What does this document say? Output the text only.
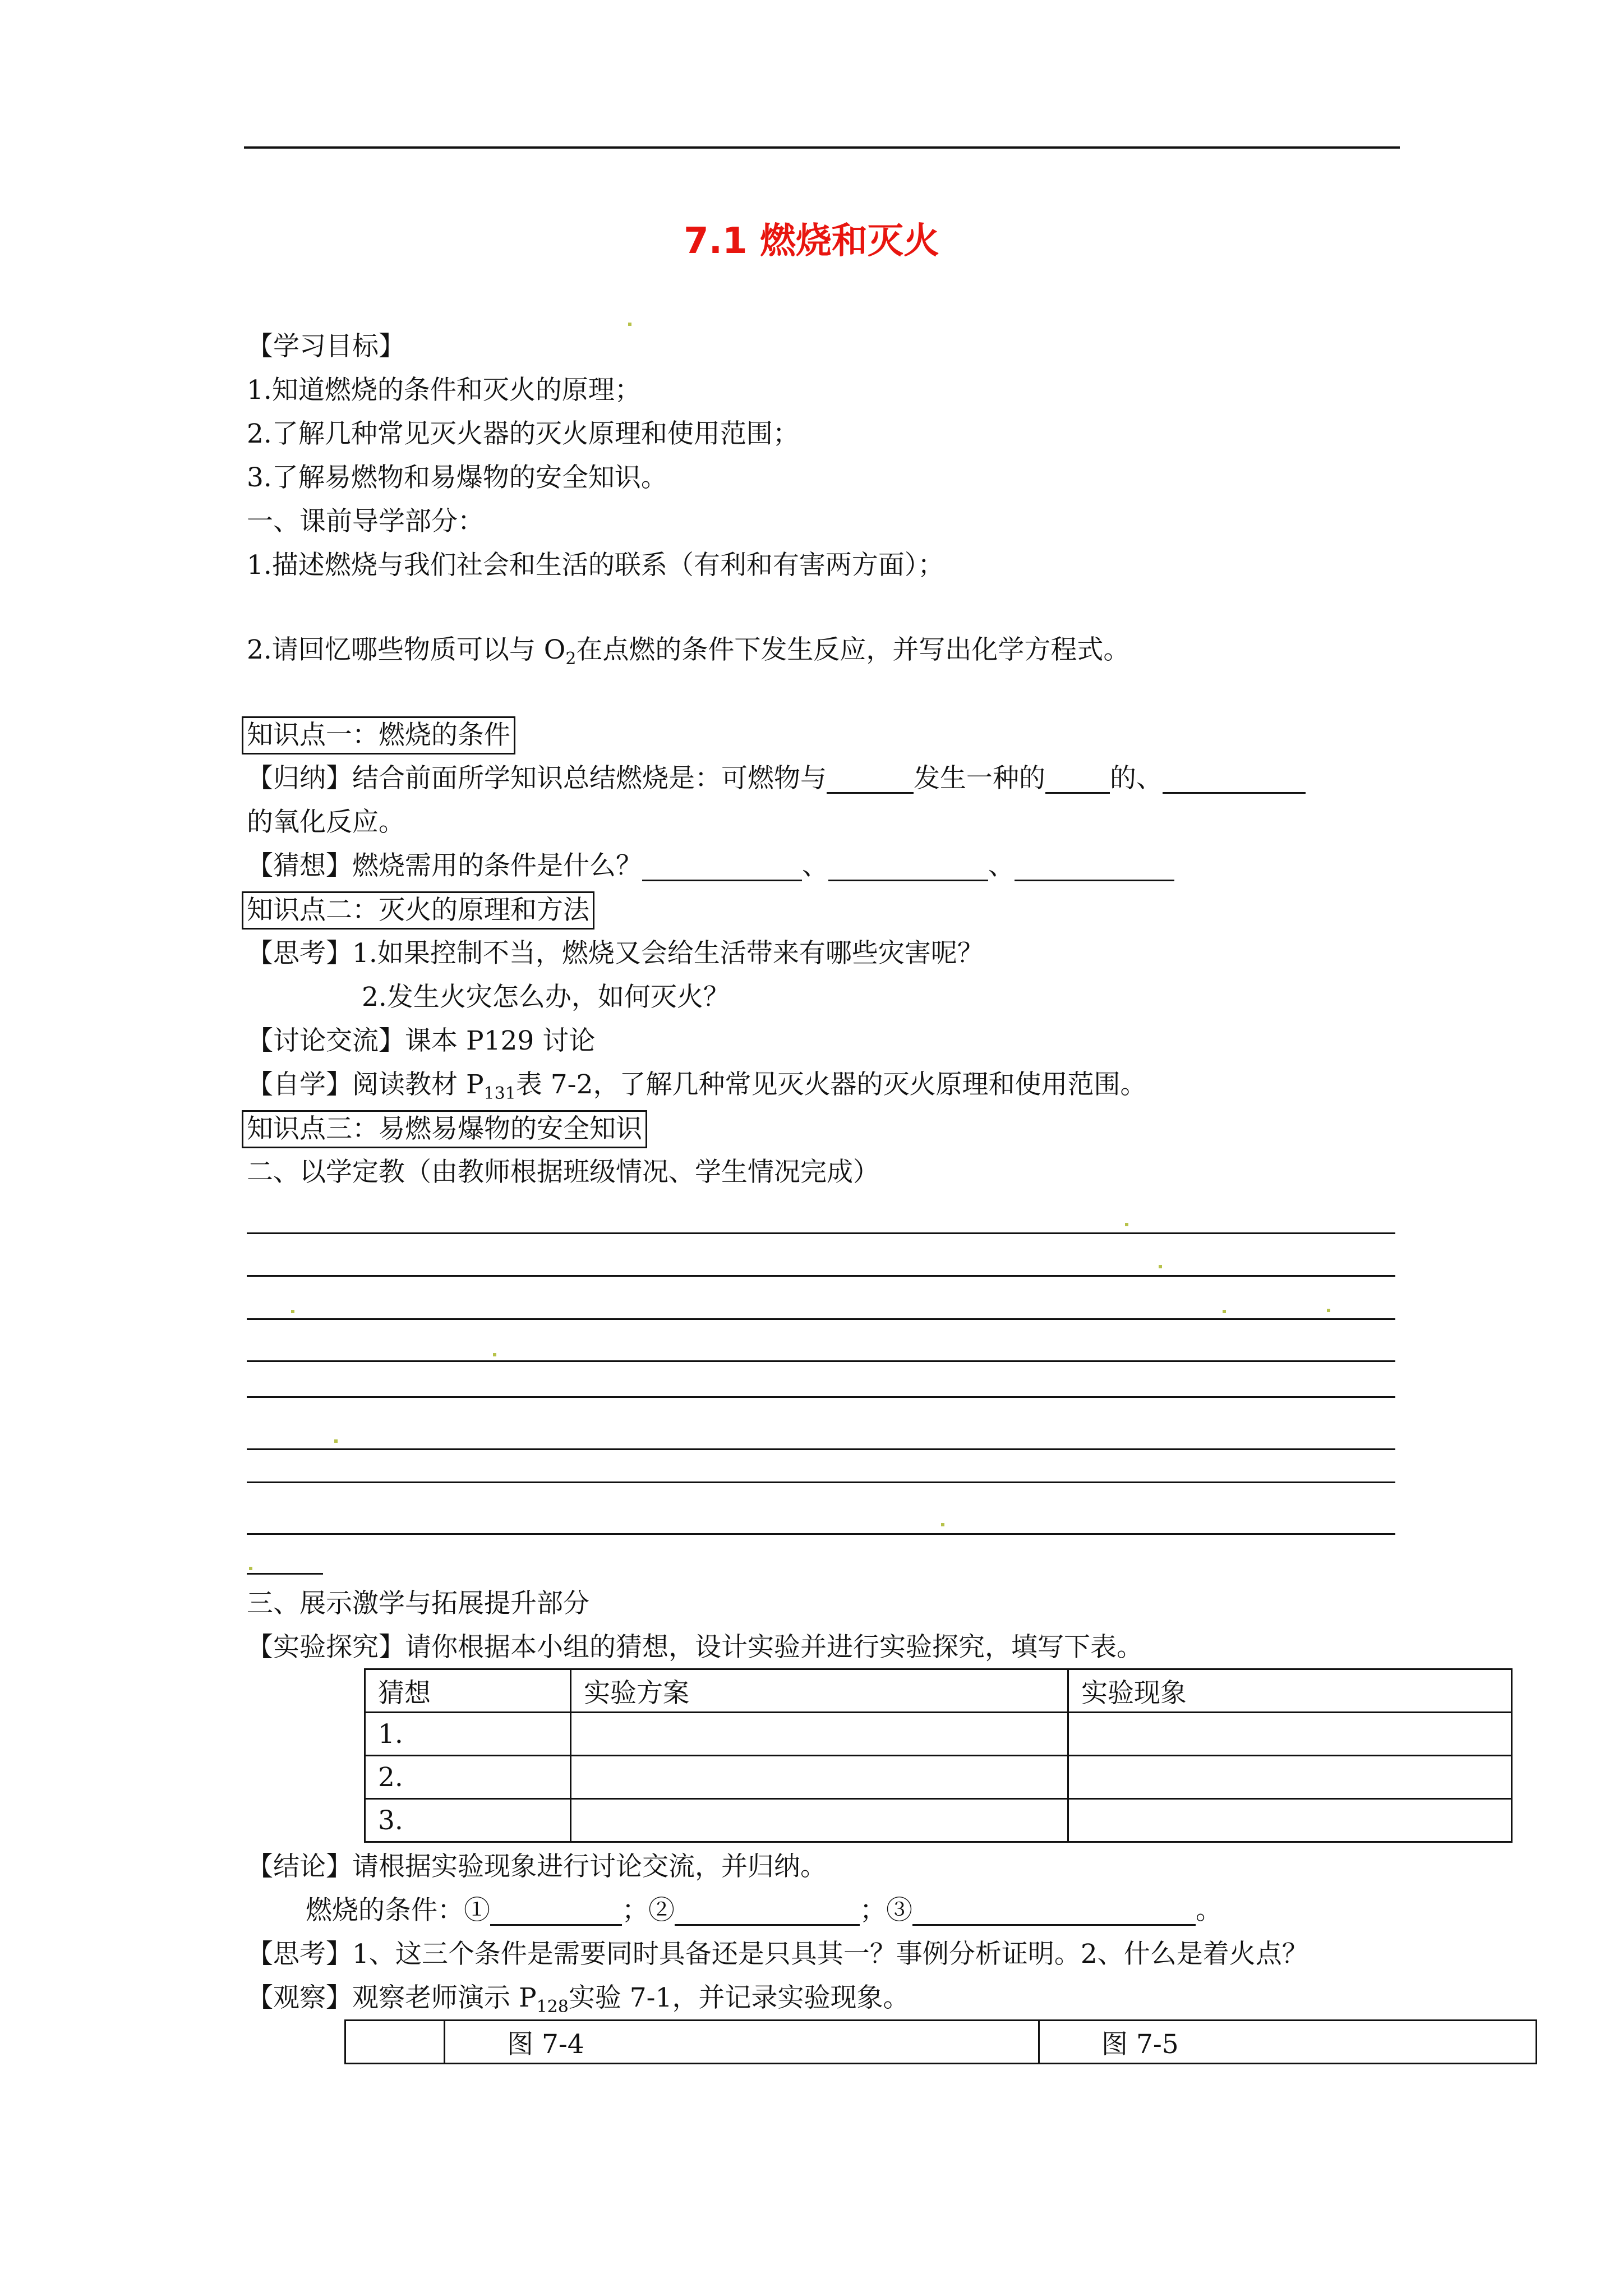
7.1 燃烧和灭火
【学习目标】
1.知道燃烧的条件和灭火的原理；
2.了解几种常见灭火器的灭火原理和使用范围；
3.了解易燃物和易爆物的安全知识。
一、课前导学部分：
1.描述燃烧与我们社会和生活的联系（有利和有害两方面）；
2.请回忆哪些物质可以与 $O_2$在点燃的条件下发生反应，并写出化学方程式。
知识点一：燃烧的条件
【归纳】结合前面所学知识总结燃烧是：可燃物与	发生一种的 的、
的氧化反应。
【猜想】燃烧需用的条件是什么？	、	、
知识点二：灭火的原理和方法
【思考】1.如果控制不当，燃烧又会给生活带来有哪些灾害呢？
2.发生火灾怎么办，如何灭火？
【讨论交流】课本 P129 讨论
【自学】阅读教材 $P_{131}$表 7-2，了解几种常见灭火器的灭火原理和使用范围。
知识点三：易燃易爆物的安全知识
二、以学定教（由教师根据班级情况、学生情况完成）
三、展示激学与拓展提升部分
【实验探究】请你根据本小组的猜想，设计实验并进行实验探究，填写下表。
猜想	实验方案	实验现象
1.		
2.		
3.		
【结论】请根据实验现象进行讨论交流，并归纳。
燃烧的条件：①	；②	；③	。
【思考】1、这三个条件是需要同时具备还是只具其一？事例分析证明。2、什么是着火点？
【观察】观察老师演示 $P_{128}$实验 7-1，并记录实验现象。
	图 7-4	图 7-5
